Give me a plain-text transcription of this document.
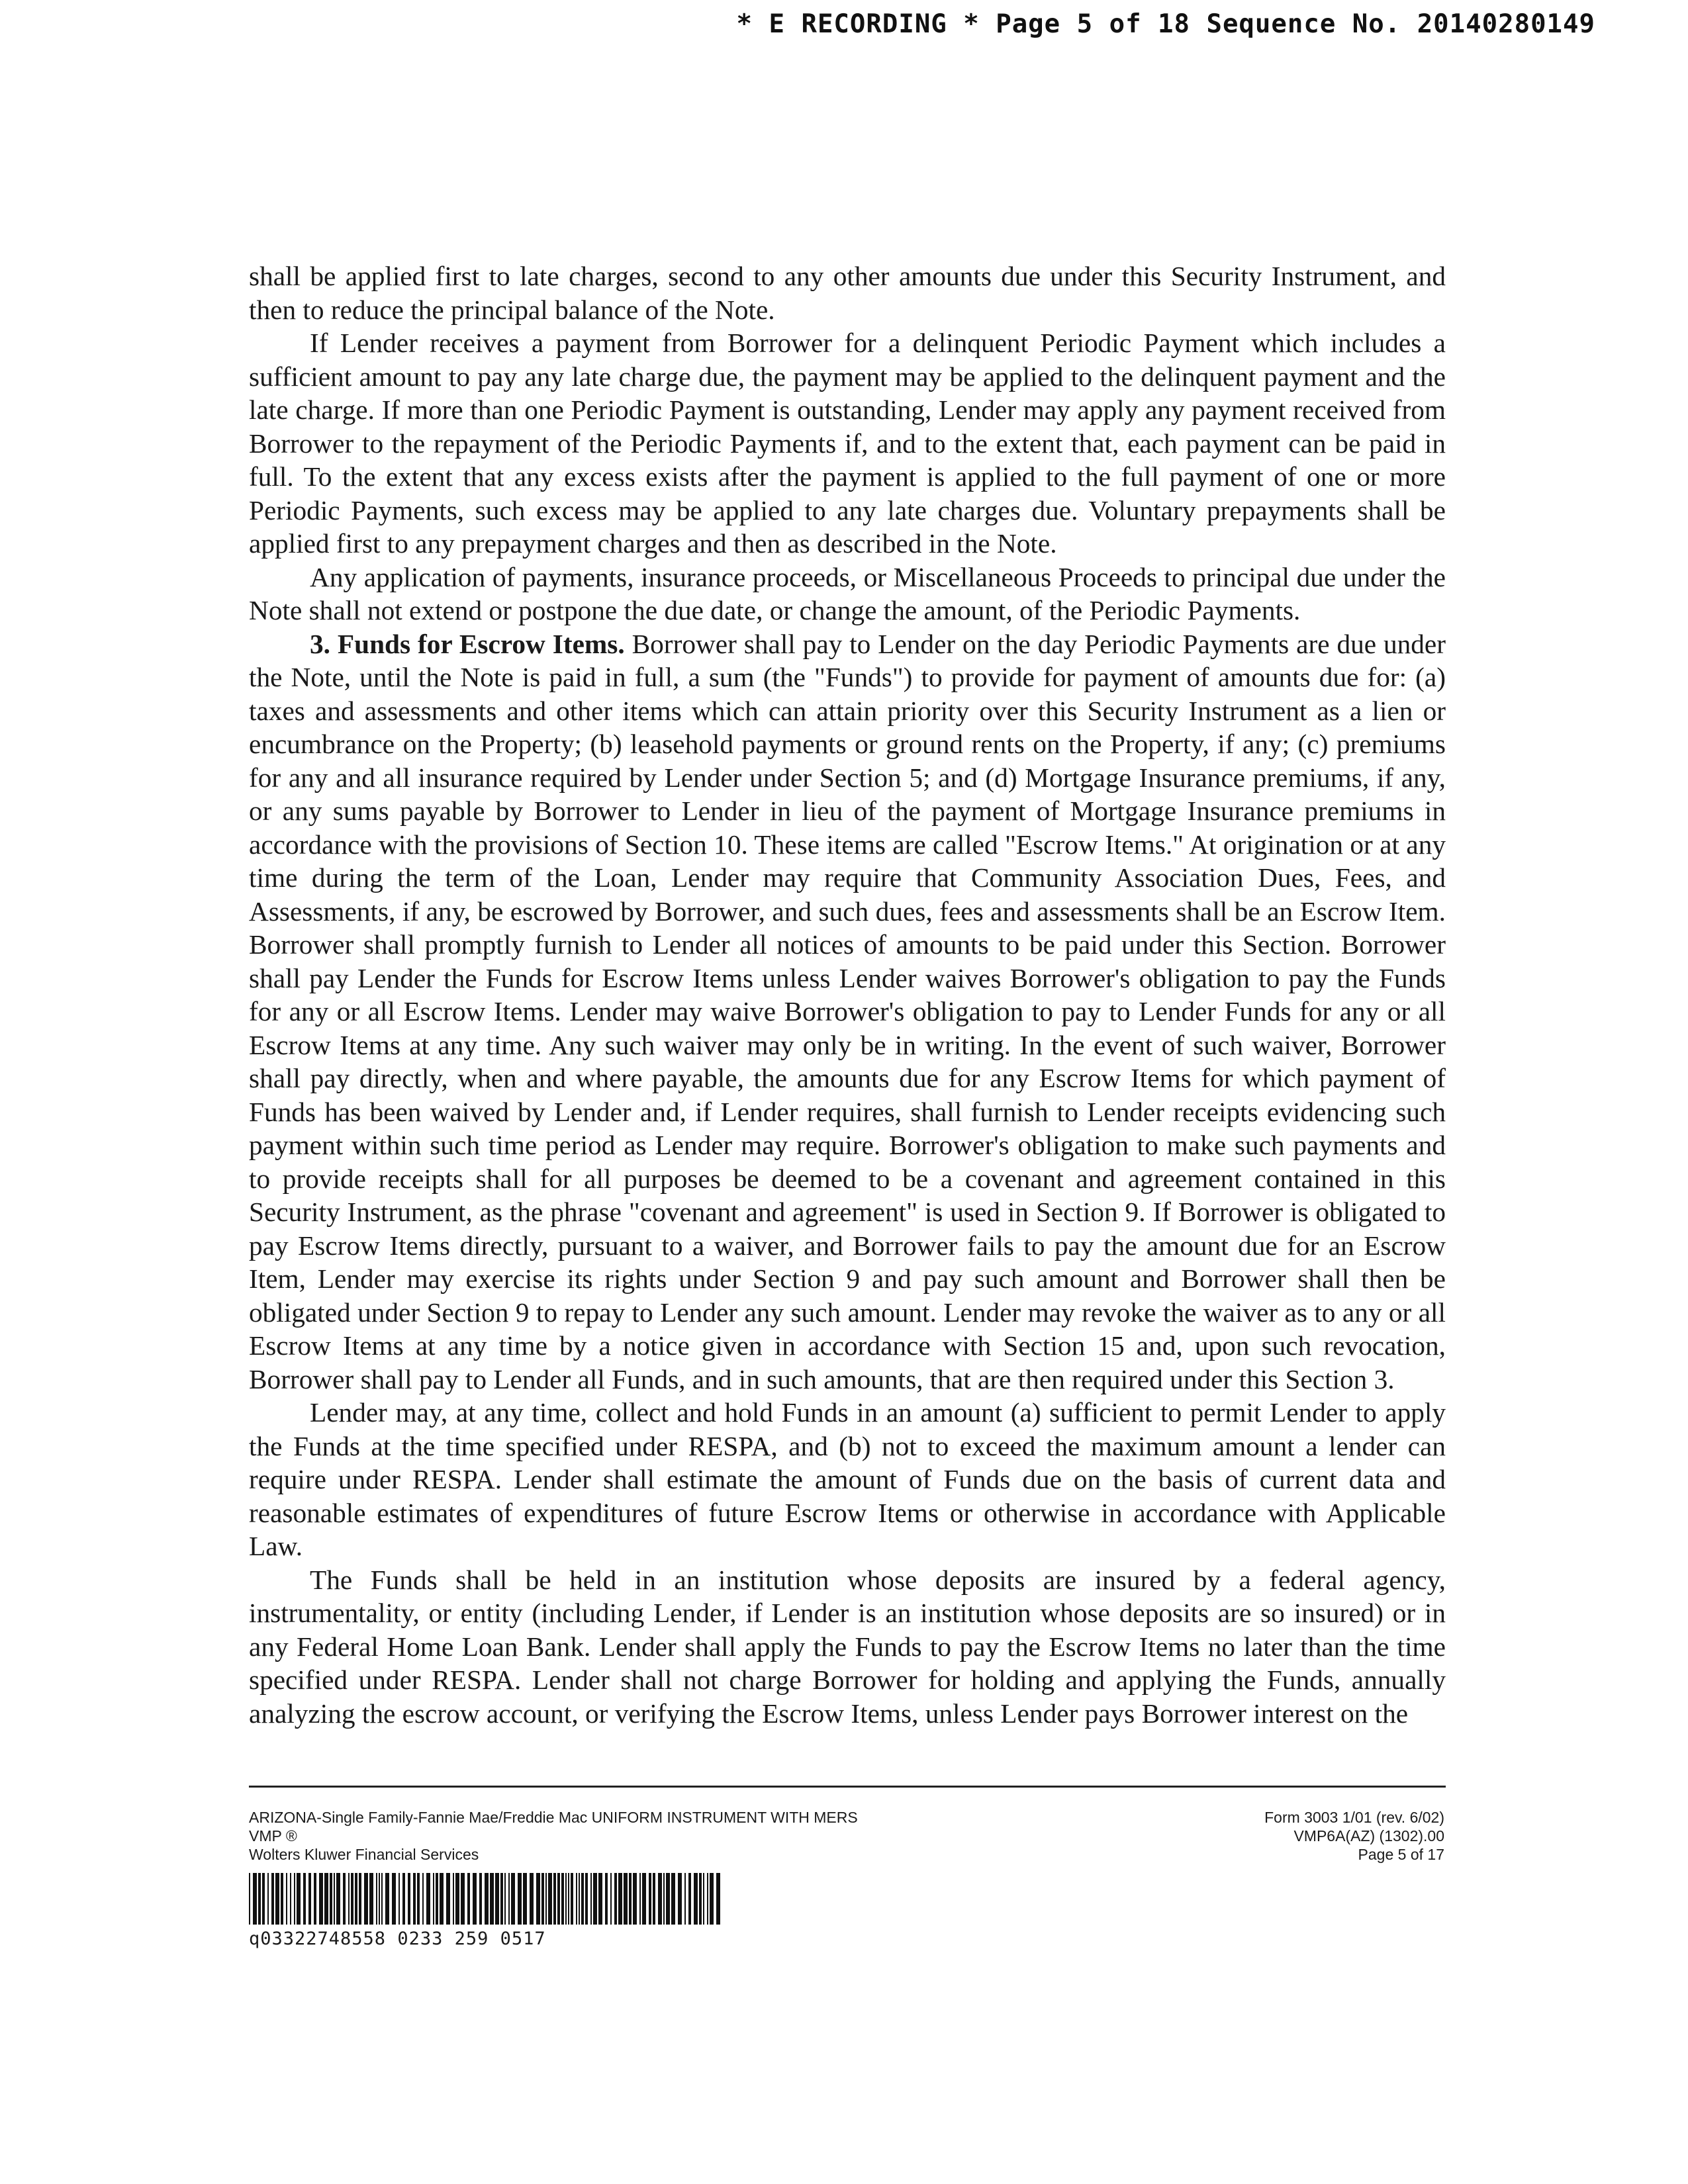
* E RECORDING * Page 5 of 18 Sequence No. 20140280149

shall be applied first to late charges, second to any other amounts due under this Security Instrument, and then to reduce the principal balance of the Note.

If Lender receives a payment from Borrower for a delinquent Periodic Payment which includes a sufficient amount to pay any late charge due, the payment may be applied to the delinquent payment and the late charge. If more than one Periodic Payment is outstanding, Lender may apply any payment received from Borrower to the repayment of the Periodic Payments if, and to the extent that, each payment can be paid in full. To the extent that any excess exists after the payment is applied to the full payment of one or more Periodic Payments, such excess may be applied to any late charges due. Voluntary prepayments shall be applied first to any prepayment charges and then as described in the Note.

Any application of payments, insurance proceeds, or Miscellaneous Proceeds to principal due under the Note shall not extend or postpone the due date, or change the amount, of the Periodic Payments.

3. Funds for Escrow Items. Borrower shall pay to Lender on the day Periodic Payments are due under the Note, until the Note is paid in full, a sum (the "Funds") to provide for payment of amounts due for: (a) taxes and assessments and other items which can attain priority over this Security Instrument as a lien or encumbrance on the Property; (b) leasehold payments or ground rents on the Property, if any; (c) premiums for any and all insurance required by Lender under Section 5; and (d) Mortgage Insurance premiums, if any, or any sums payable by Borrower to Lender in lieu of the payment of Mortgage Insurance premiums in accordance with the provisions of Section 10. These items are called "Escrow Items." At origination or at any time during the term of the Loan, Lender may require that Community Association Dues, Fees, and Assessments, if any, be escrowed by Borrower, and such dues, fees and assessments shall be an Escrow Item. Borrower shall promptly furnish to Lender all notices of amounts to be paid under this Section. Borrower shall pay Lender the Funds for Escrow Items unless Lender waives Borrower's obligation to pay the Funds for any or all Escrow Items. Lender may waive Borrower's obligation to pay to Lender Funds for any or all Escrow Items at any time. Any such waiver may only be in writing. In the event of such waiver, Borrower shall pay directly, when and where payable, the amounts due for any Escrow Items for which payment of Funds has been waived by Lender and, if Lender requires, shall furnish to Lender receipts evidencing such payment within such time period as Lender may require. Borrower's obligation to make such payments and to provide receipts shall for all purposes be deemed to be a covenant and agreement contained in this Security Instrument, as the phrase "covenant and agreement" is used in Section 9. If Borrower is obligated to pay Escrow Items directly, pursuant to a waiver, and Borrower fails to pay the amount due for an Escrow Item, Lender may exercise its rights under Section 9 and pay such amount and Borrower shall then be obligated under Section 9 to repay to Lender any such amount. Lender may revoke the waiver as to any or all Escrow Items at any time by a notice given in accordance with Section 15 and, upon such revocation, Borrower shall pay to Lender all Funds, and in such amounts, that are then required under this Section 3.

Lender may, at any time, collect and hold Funds in an amount (a) sufficient to permit Lender to apply the Funds at the time specified under RESPA, and (b) not to exceed the maximum amount a lender can require under RESPA. Lender shall estimate the amount of Funds due on the basis of current data and reasonable estimates of expenditures of future Escrow Items or otherwise in accordance with Applicable Law.

The Funds shall be held in an institution whose deposits are insured by a federal agency, instrumentality, or entity (including Lender, if Lender is an institution whose deposits are so insured) or in any Federal Home Loan Bank. Lender shall apply the Funds to pay the Escrow Items no later than the time specified under RESPA. Lender shall not charge Borrower for holding and applying the Funds, annually analyzing the escrow account, or verifying the Escrow Items, unless Lender pays Borrower interest on the

ARIZONA-Single Family-Fannie Mae/Freddie Mac UNIFORM INSTRUMENT WITH MERS
VMP ®
Wolters Kluwer Financial Services
Form 3003 1/01 (rev. 6/02)
VMP6A(AZ) (1302).00
Page 5 of 17
q03322748558 0233 259 0517
